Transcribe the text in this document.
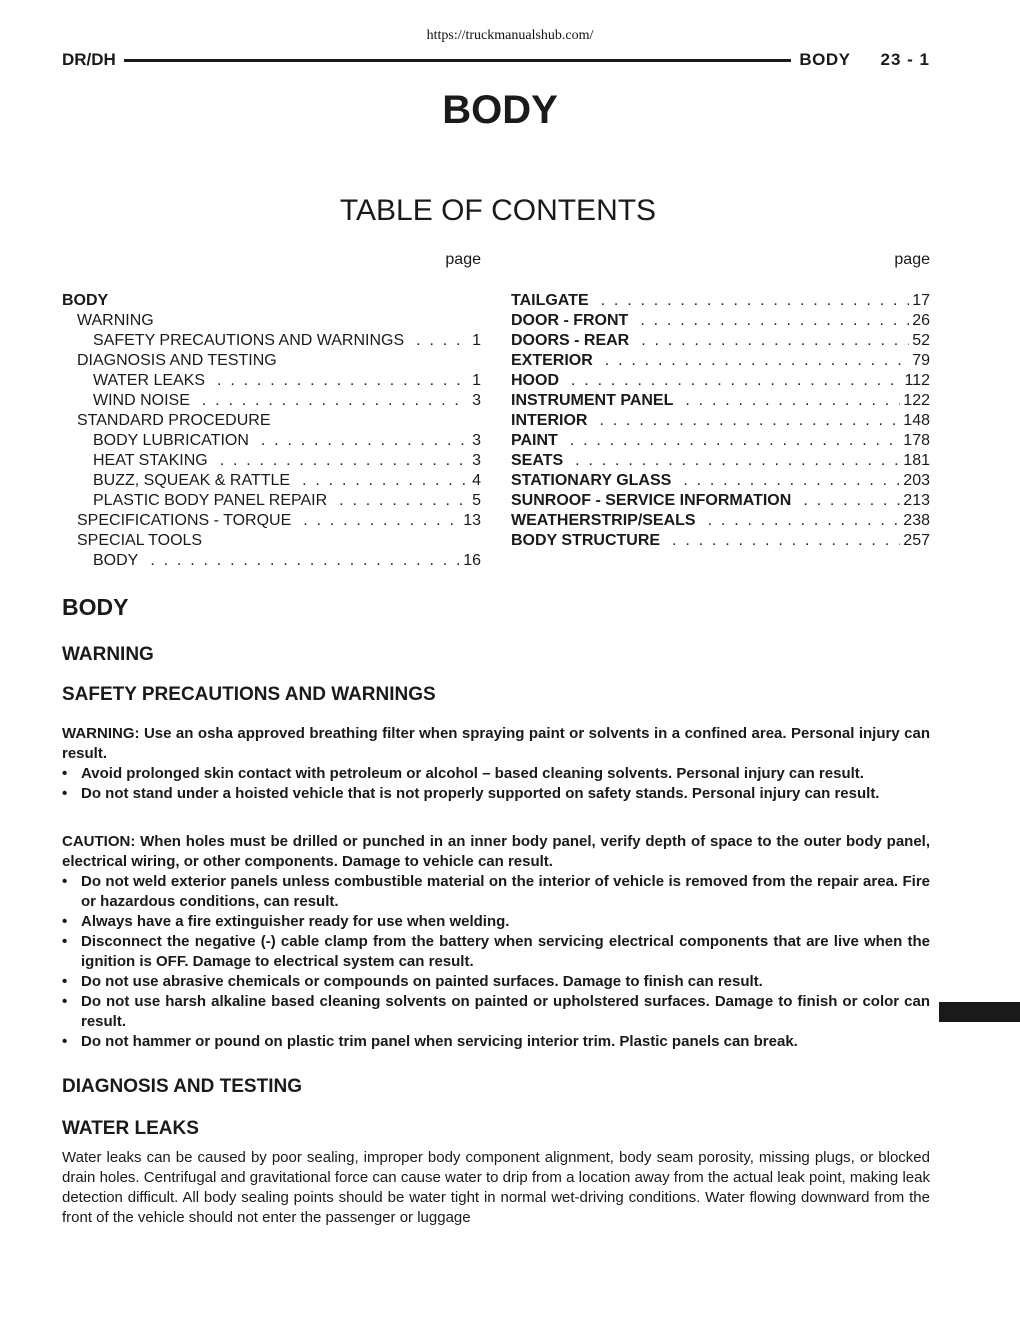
https://truckmanualshub.com/
DR/DH	BODY 23 - 1
BODY
TABLE OF CONTENTS
page
BODY
WARNING
SAFETY PRECAUTIONS AND WARNINGS . . .	1
DIAGNOSIS AND TESTING
WATER LEAKS . . .	1
WIND NOISE . . .	3
STANDARD PROCEDURE
BODY LUBRICATION . . .	3
HEAT STAKING . . .	3
BUZZ, SQUEAK & RATTLE . . .	4
PLASTIC BODY PANEL REPAIR . . .	5
SPECIFICATIONS - TORQUE . . .	13
SPECIAL TOOLS
BODY . . .	16
page
TAILGATE . . .	17
DOOR - FRONT . . .	26
DOORS - REAR . . .	52
EXTERIOR . . .	79
HOOD . . .	112
INSTRUMENT PANEL . . .	122
INTERIOR . . .	148
PAINT . . .	178
SEATS . . .	181
STATIONARY GLASS . . .	203
SUNROOF - SERVICE INFORMATION . . .	213
WEATHERSTRIP/SEALS . . .	238
BODY STRUCTURE . . .	257
BODY
WARNING
SAFETY PRECAUTIONS AND WARNINGS
WARNING: Use an osha approved breathing filter when spraying paint or solvents in a confined area. Personal injury can result.
• Avoid prolonged skin contact with petroleum or alcohol – based cleaning solvents. Personal injury can result.
• Do not stand under a hoisted vehicle that is not properly supported on safety stands. Personal injury can result.
CAUTION: When holes must be drilled or punched in an inner body panel, verify depth of space to the outer body panel, electrical wiring, or other components. Damage to vehicle can result.
• Do not weld exterior panels unless combustible material on the interior of vehicle is removed from the repair area. Fire or hazardous conditions, can result.
• Always have a fire extinguisher ready for use when welding.
• Disconnect the negative (-) cable clamp from the battery when servicing electrical components that are live when the ignition is OFF. Damage to electrical system can result.
• Do not use abrasive chemicals or compounds on painted surfaces. Damage to finish can result.
• Do not use harsh alkaline based cleaning solvents on painted or upholstered surfaces. Damage to finish or color can result.
• Do not hammer or pound on plastic trim panel when servicing interior trim. Plastic panels can break.
DIAGNOSIS AND TESTING
WATER LEAKS

Water leaks can be caused by poor sealing, improper body component alignment, body seam porosity, missing plugs, or blocked drain holes. Centrifugal and gravitational force can cause water to drip from a location away from the actual leak point, making leak detection difficult. All body sealing points should be water tight in normal wet-driving conditions. Water flowing downward from the front of the vehicle should not enter the passenger or luggage
